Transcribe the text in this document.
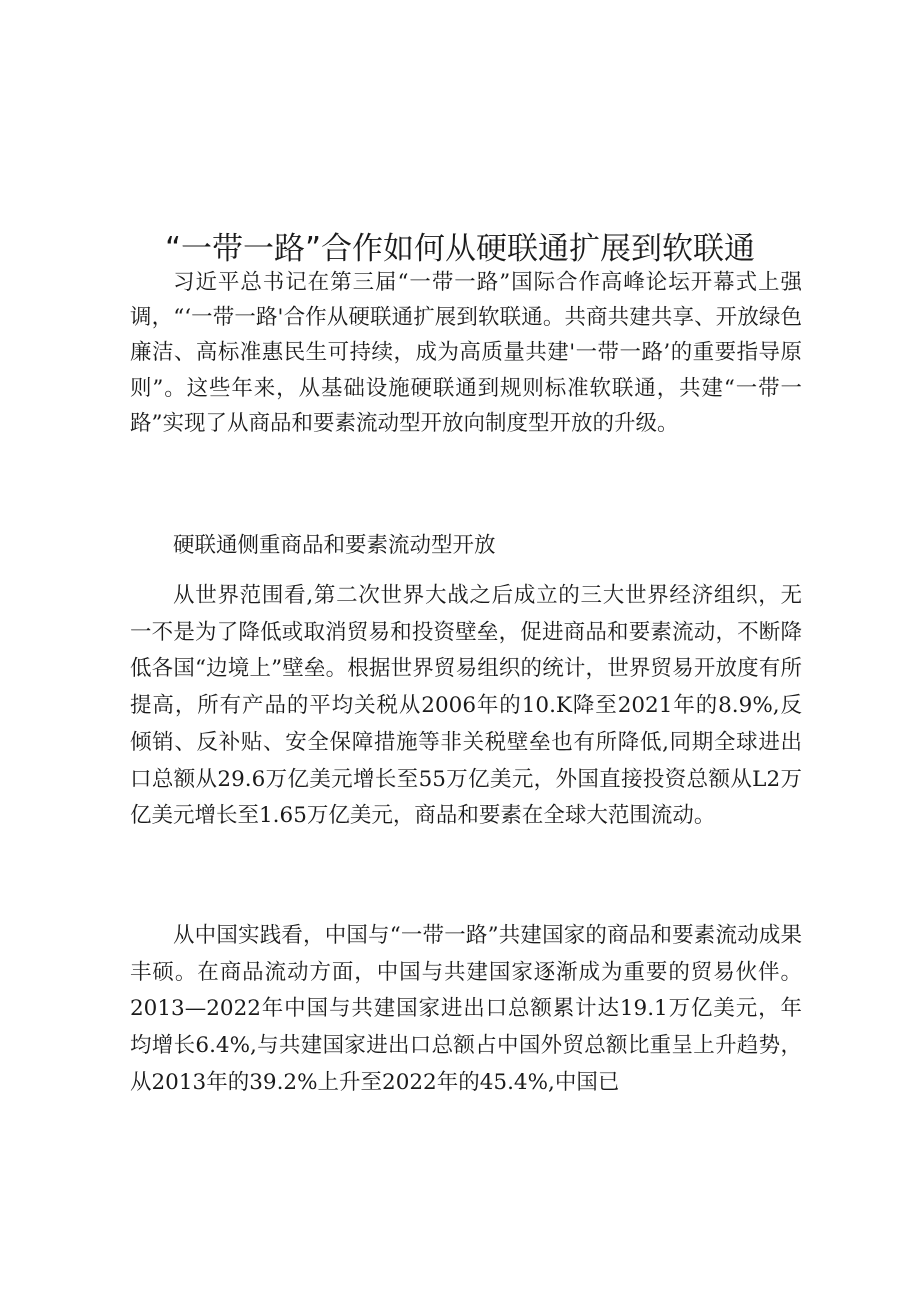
“一带一路”合作如何从硬联通扩展到软联通

习近平总书记在第三届“一带一路”国际合作高峰论坛开幕式上强调，“‘一带一路'合作从硬联通扩展到软联通。共商共建共享、开放绿色廉洁、高标准惠民生可持续，成为高质量共建'一带一路’的重要指导原则”。这些年来，从基础设施硬联通到规则标准软联通，共建“一带一路”实现了从商品和要素流动型开放向制度型开放的升级。

硬联通侧重商品和要素流动型开放

从世界范围看,第二次世界大战之后成立的三大世界经济组织，无一不是为了降低或取消贸易和投资壁垒，促进商品和要素流动，不断降低各国“边境上”壁垒。根据世界贸易组织的统计，世界贸易开放度有所提高，所有产品的平均关税从2006年的10.K降至2021年的8.9%,反倾销、反补贴、安全保障措施等非关税壁垒也有所降低,同期全球进出口总额从29.6万亿美元增长至55万亿美元，外国直接投资总额从L2万亿美元增长至1.65万亿美元，商品和要素在全球大范围流动。

从中国实践看，中国与“一带一路”共建国家的商品和要素流动成果丰硕。在商品流动方面，中国与共建国家逐渐成为重要的贸易伙伴。2013—2022年中国与共建国家进出口总额累计达19.1万亿美元，年均增长6.4%,与共建国家进出口总额占中国外贸总额比重呈上升趋势，从2013年的39.2%上升至2022年的45.4%,中国已
